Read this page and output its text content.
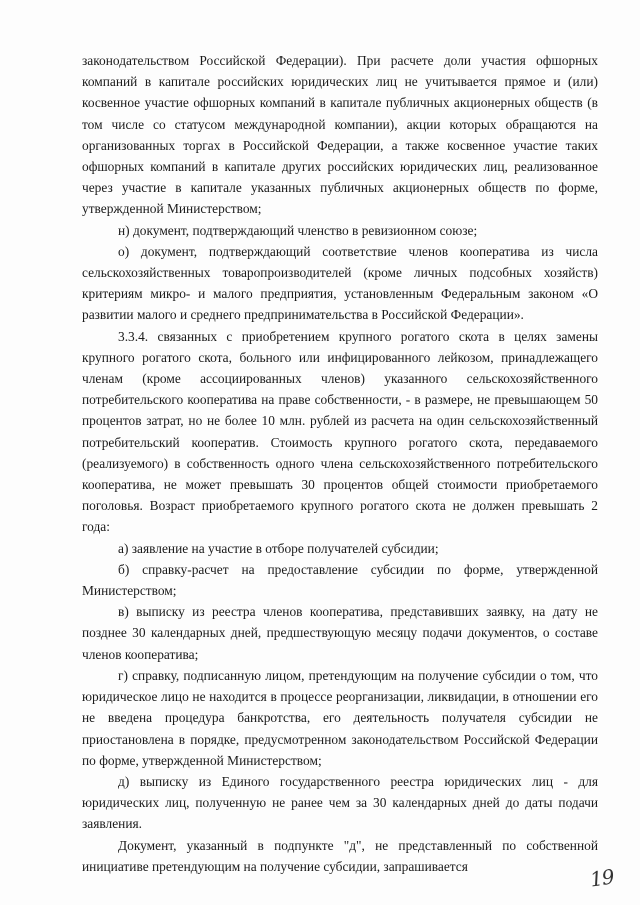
законодательством Российской Федерации). При расчете доли участия офшорных компаний в капитале российских юридических лиц не учитывается прямое и (или) косвенное участие офшорных компаний в капитале публичных акционерных обществ (в том числе со статусом международной компании), акции которых обращаются на организованных торгах в Российской Федерации, а также косвенное участие таких офшорных компаний в капитале других российских юридических лиц, реализованное через участие в капитале указанных публичных акционерных обществ по форме, утвержденной Министерством;

н) документ, подтверждающий членство в ревизионном союзе;

о) документ, подтверждающий соответствие членов кооператива из числа сельскохозяйственных товаропроизводителей (кроме личных подсобных хозяйств) критериям микро- и малого предприятия, установленным Федеральным законом «О развитии малого и среднего предпринимательства в Российской Федерации».

3.3.4. связанных с приобретением крупного рогатого скота в целях замены крупного рогатого скота, больного или инфицированного лейкозом, принадлежащего членам (кроме ассоциированных членов) указанного сельскохозяйственного потребительского кооператива на праве собственности, - в размере, не превышающем 50 процентов затрат, но не более 10 млн. рублей из расчета на один сельскохозяйственный потребительский кооператив. Стоимость крупного рогатого скота, передаваемого (реализуемого) в собственность одного члена сельскохозяйственного потребительского кооператива, не может превышать 30 процентов общей стоимости приобретаемого поголовья. Возраст приобретаемого крупного рогатого скота не должен превышать 2 года:

а) заявление на участие в отборе получателей субсидии;

б) справку-расчет на предоставление субсидии по форме, утвержденной Министерством;

в) выписку из реестра членов кооператива, представивших заявку, на дату не позднее 30 календарных дней, предшествующую месяцу подачи документов, о составе членов кооператива;

г) справку, подписанную лицом, претендующим на получение субсидии о том, что юридическое лицо не находится в процессе реорганизации, ликвидации, в отношении его не введена процедура банкротства, его деятельность получателя субсидии не приостановлена в порядке, предусмотренном законодательством Российской Федерации по форме, утвержденной Министерством;

д) выписку из Единого государственного реестра юридических лиц - для юридических лиц, полученную не ранее чем за 30 календарных дней до даты подачи заявления.

Документ, указанный в подпункте "д", не представленный по собственной инициативе претендующим на получение субсидии, запрашивается	19
